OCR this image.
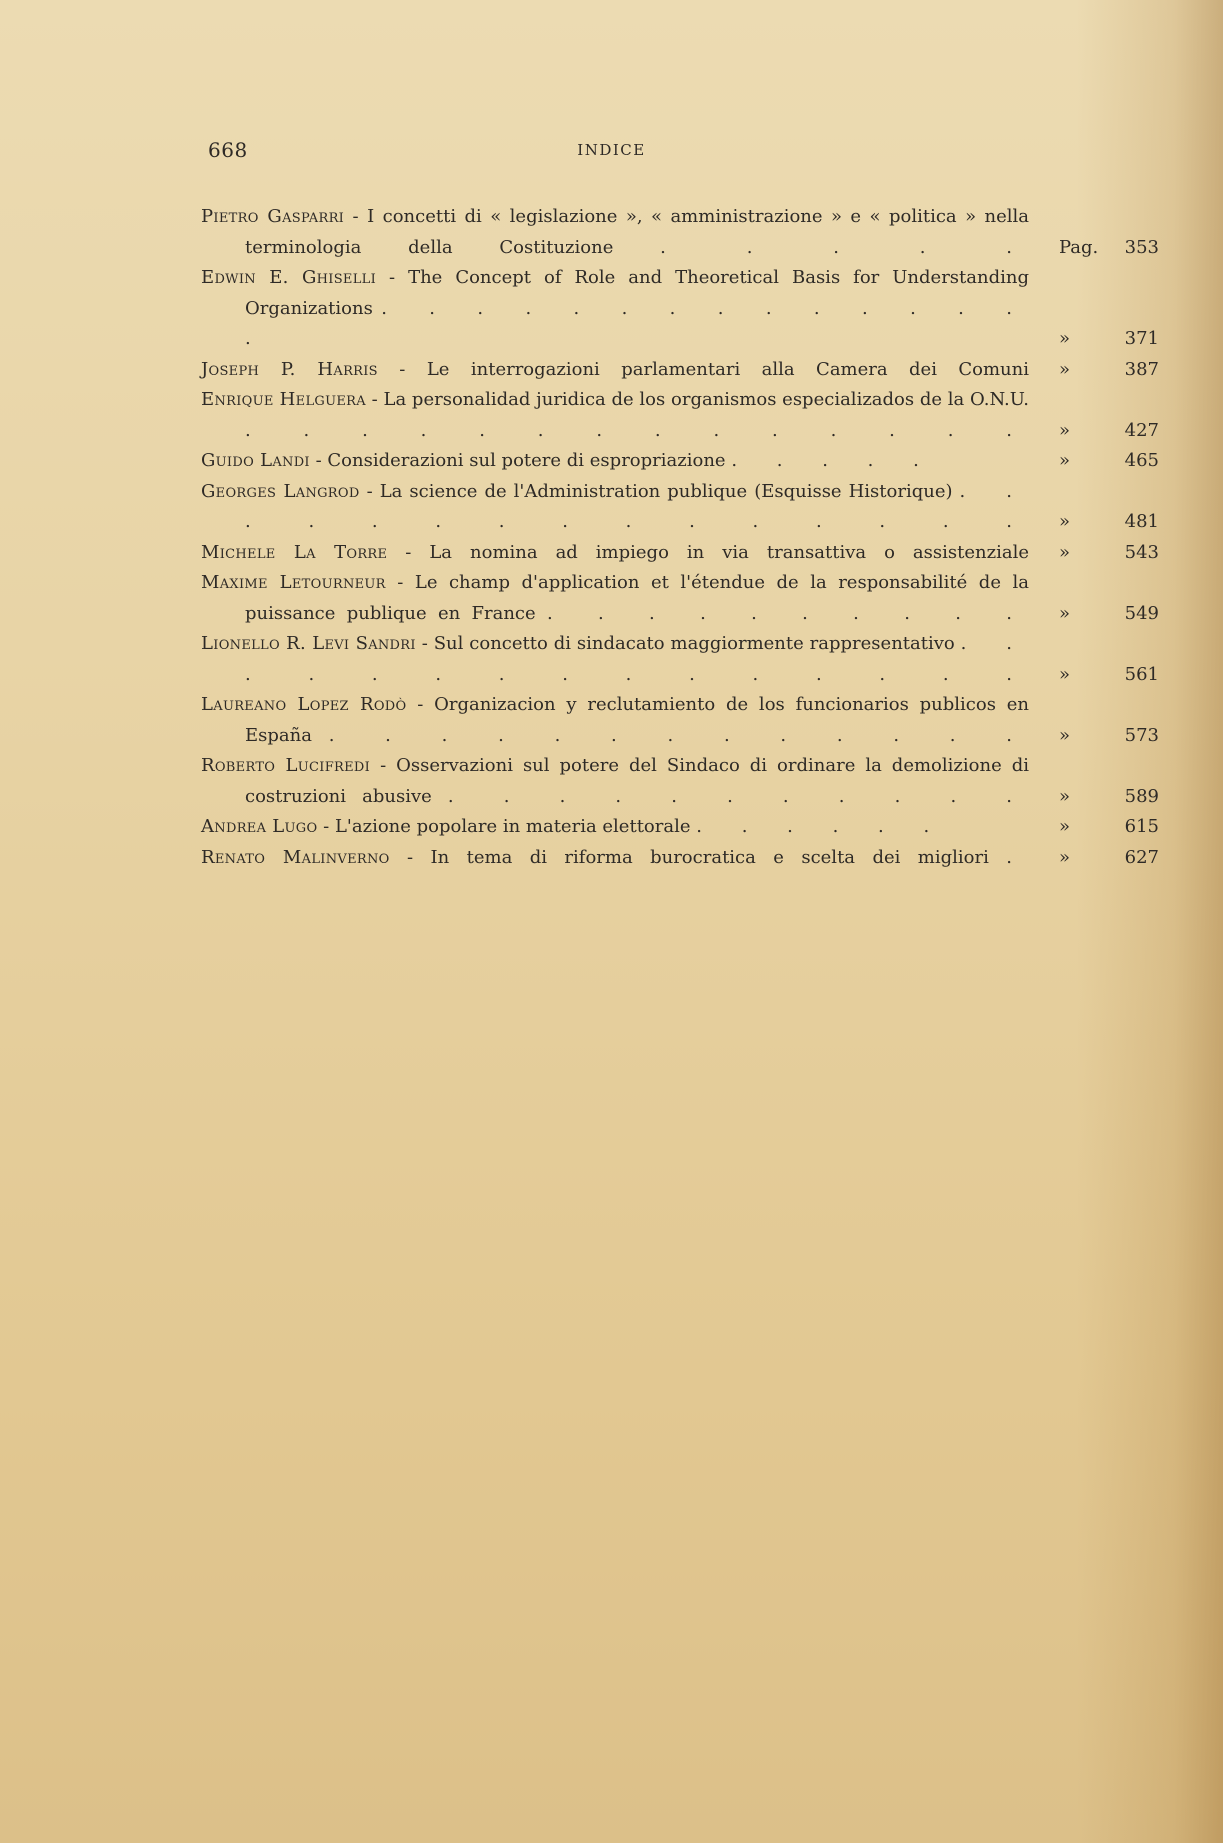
668	INDICE
Pietro Gasparri - I concetti di « legislazione », « amministrazione » e « politica » nella terminologia della Costituzione	. . . . .	Pag.	353
Edwin E. Ghiselli - The Concept of Role and Theoretical Basis for Understanding Organizations . . . . . . . . . . . . . . .	»	371
Joseph P. Harris - Le interrogazioni parlamentari alla Camera dei Comuni	»	387
Enrique Helguera - La personalidad juridica de los organismos especializados de la O.N.U. . . . . . . . . . . . . . .	»	427
Guido Landi - Considerazioni sul potere di espropriazione . . . . .	»	465
Georges Langrod - La science de l'Administration publique (Esquisse Historique) . . . . . . . . . . . . . . .	»	481
Michele La Torre - La nomina ad impiego in via transattiva o assistenziale	»	543
Maxime Letourneur - Le champ d'application et l'étendue de la responsabilité de la puissance publique en France . . . . . . . . . .	»	549
Lionello R. Levi Sandri - Sul concetto di sindacato maggiormente rappresentativo . . . . . . . . . . . . . . .	»	561
Laureano Lopez Rodò - Organizacion y reclutamiento de los funcionarios publicos en España . . . . . . . . . . . . .	»	573
Roberto Lucifredi - Osservazioni sul potere del Sindaco di ordinare la demolizione di costruzioni abusive . . . . . . . . . . .	»	589
Andrea Lugo - L'azione popolare in materia elettorale . . . . . .	»	615
Renato Malinverno - In tema di riforma burocratica e scelta dei migliori .	»	627
